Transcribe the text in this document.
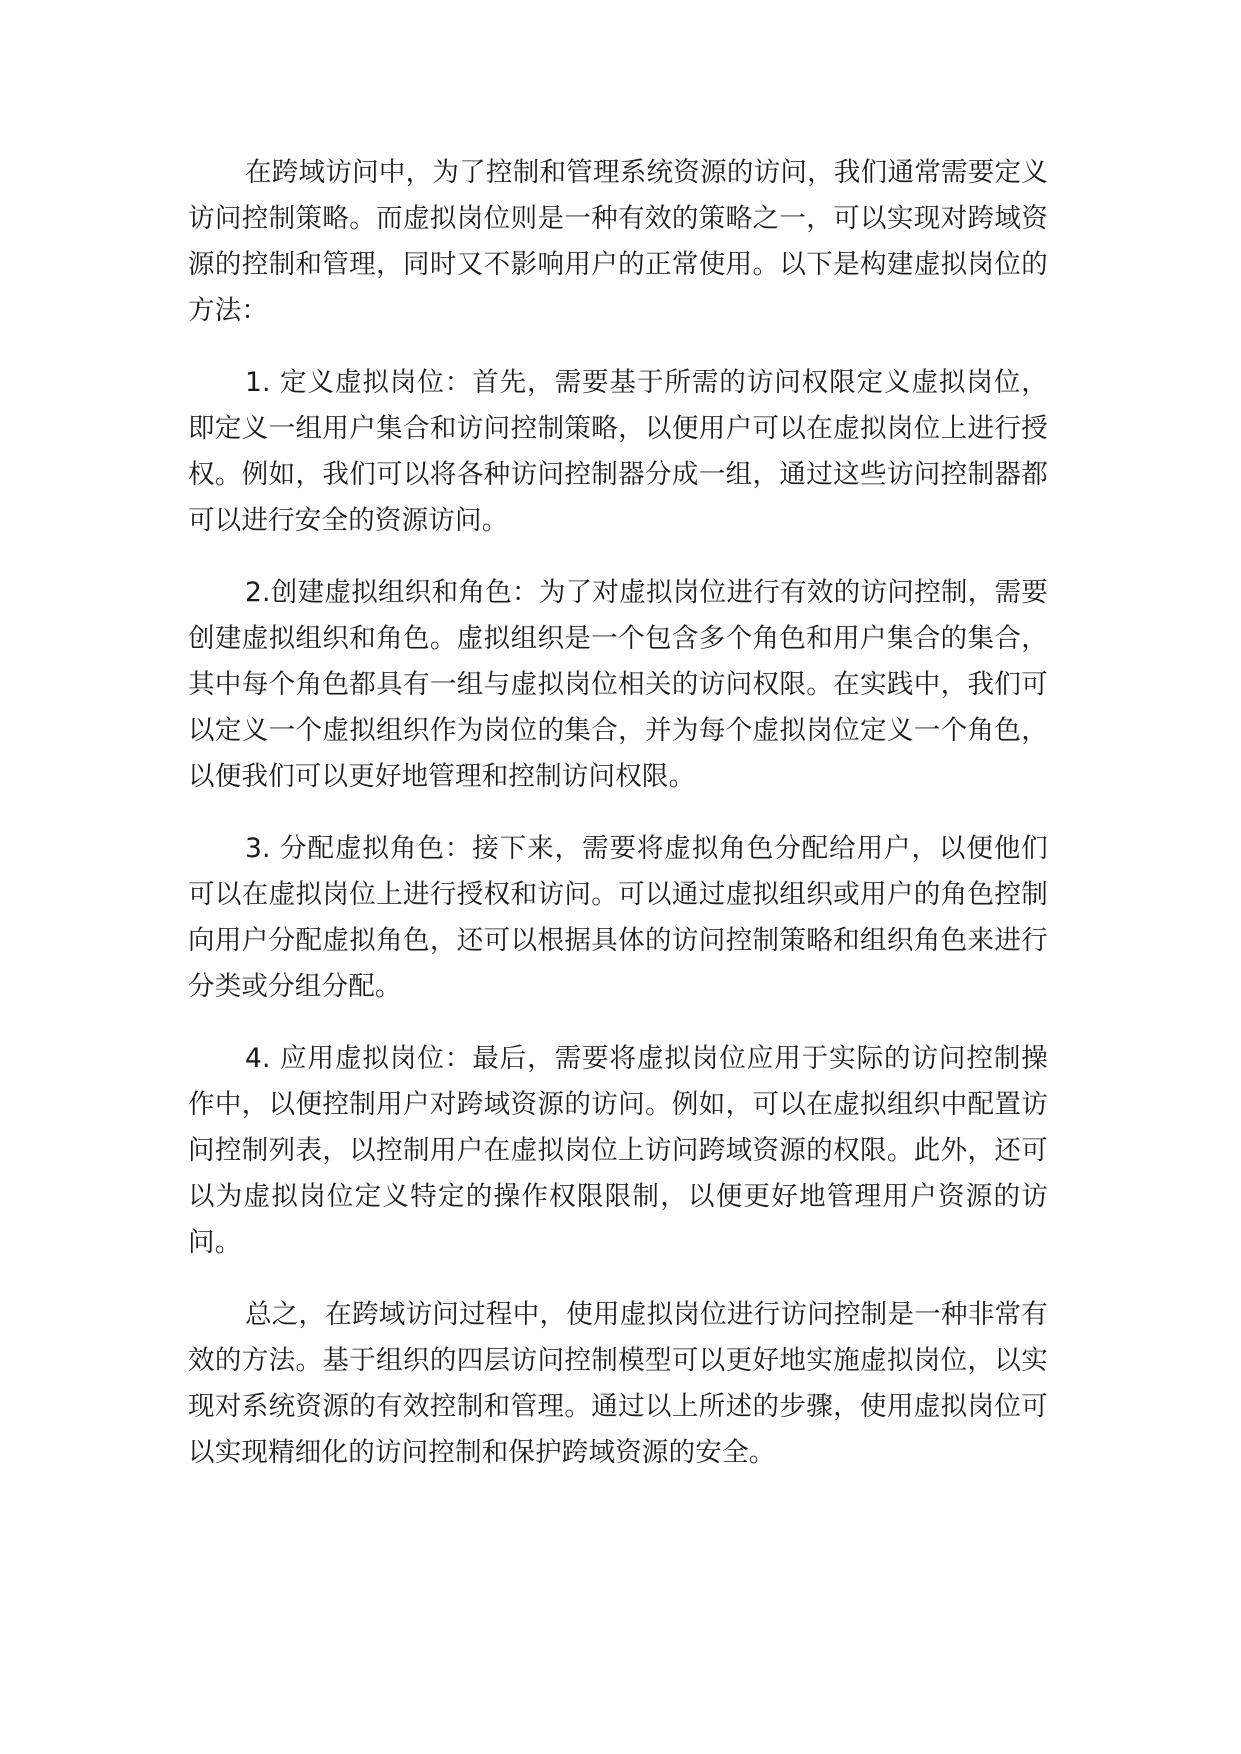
在跨域访问中，为了控制和管理系统资源的访问，我们通常需要定义访问控制策略。而虚拟岗位则是一种有效的策略之一，可以实现对跨域资源的控制和管理，同时又不影响用户的正常使用。以下是构建虚拟岗位的方法：

1. 定义虚拟岗位：首先，需要基于所需的访问权限定义虚拟岗位，即定义一组用户集合和访问控制策略，以便用户可以在虚拟岗位上进行授权。例如，我们可以将各种访问控制器分成一组，通过这些访问控制器都可以进行安全的资源访问。

2.创建虚拟组织和角色：为了对虚拟岗位进行有效的访问控制，需要创建虚拟组织和角色。虚拟组织是一个包含多个角色和用户集合的集合，其中每个角色都具有一组与虚拟岗位相关的访问权限。在实践中，我们可以定义一个虚拟组织作为岗位的集合，并为每个虚拟岗位定义一个角色，以便我们可以更好地管理和控制访问权限。

3. 分配虚拟角色：接下来，需要将虚拟角色分配给用户，以便他们可以在虚拟岗位上进行授权和访问。可以通过虚拟组织或用户的角色控制向用户分配虚拟角色，还可以根据具体的访问控制策略和组织角色来进行分类或分组分配。

4. 应用虚拟岗位：最后，需要将虚拟岗位应用于实际的访问控制操作中，以便控制用户对跨域资源的访问。例如，可以在虚拟组织中配置访问控制列表，以控制用户在虚拟岗位上访问跨域资源的权限。此外，还可以为虚拟岗位定义特定的操作权限限制，以便更好地管理用户资源的访问。

总之，在跨域访问过程中，使用虚拟岗位进行访问控制是一种非常有效的方法。基于组织的四层访问控制模型可以更好地实施虚拟岗位，以实现对系统资源的有效控制和管理。通过以上所述的步骤，使用虚拟岗位可以实现精细化的访问控制和保护跨域资源的安全。
